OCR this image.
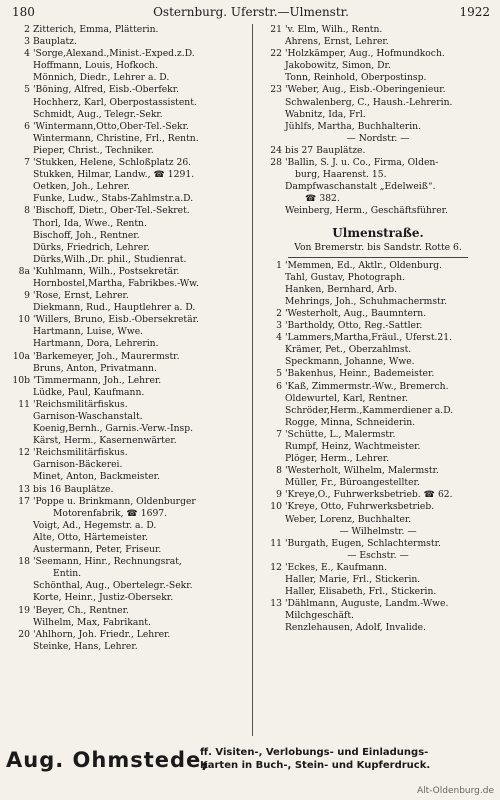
180	Osternburg. Uferstr.—Ulmenstr.	1922
2 Zitterich, Emma, Plätterin.
3 Bauplatz.
4 'Sorge,Alexand.,Minist.-Exped.z.D.
Hoffmann, Louis, Hofkoch.
Mönnich, Diedr., Lehrer a. D.
5 'Böning, Alfred, Eisb.-Oberfekr.
Hochherz, Karl, Oberpostassistent.
Schmidt, Aug., Telegr.-Sekr.
6 'Wintermann,Otto,Ober-Tel.-Sekr.
Wintermann, Christine, Frl., Rentn.
Pieper, Christ., Techniker.
7 'Stukken, Helene, Schloßplatz 26.
Stukken, Hilmar, Landw., ☎ 1291.
Oetken, Joh., Lehrer.
Funke, Ludw., Stabs-Zahlmstr.a.D.
8 'Bischoff, Dietr., Ober-Tel.-Sekret.
Thorl, Ida, Wwe., Rentn.
Bischoff, Joh., Rentner.
Dürks, Friedrich, Lehrer.
Dürks,Wilh.,Dr. phil., Studienrat.
8a 'Kuhlmann, Wilh., Postsekretär.
Hornbostel,Martha, Fabrikbes.-Ww.
9 'Rose, Ernst, Lehrer.
Diekmann, Rud., Hauptlehrer a. D.
10 'Willers, Bruno, Eisb.-Obersekretär.
Hartmann, Luise, Wwe.
Hartmann, Dora, Lehrerin.
10a 'Barkemeyer, Joh., Maurermstr.
Bruns, Anton, Privatmann.
10b 'Timmermann, Joh., Lehrer.
Lüdke, Paul, Kaufmann.
11 'Reichsmilitärfiskus.
Garnison-Waschanstalt.
Koenig,Bernh., Garnis.-Verw.-Insp.
Kärst, Herm., Kasernenwärter.
12 'Reichsmilitärfiskus.
Garnison-Bäckerei.
Minet, Anton, Backmeister.
13 bis 16 Bauplätze.
17 'Poppe u. Brinkmann, Oldenburger
Motorenfabrik, ☎ 1697.
Voigt, Ad., Hegemstr. a. D.
Alte, Otto, Härtemeister.
Austermann, Peter, Friseur.
18 'Seemann, Hinr., Rechnungsrat,
Entin.
Schönthal, Aug., Obertelegr.-Sekr.
Korte, Heinr., Justiz-Obersekr.
19 'Beyer, Ch., Rentner.
Wilhelm, Max, Fabrikant.
20 'Ahlhorn, Joh. Friedr., Lehrer.
Steinke, Hans, Lehrer.
21 'v. Elm, Wilh., Rentn.
Ahrens, Ernst, Lehrer.
22 'Holzkämper, Aug., Hofmundkoch.
Jakobowitz, Simon, Dr.
Tonn, Reinhold, Oberpostinsp.
23 'Weber, Aug., Eisb.-Oberingenieur.
Schwalenberg, C., Haush.-Lehrerin.
Wabnitz, Ida, Frl.
Jühlfs, Martha, Buchhalterin.
— Nordstr. —
24 bis 27 Bauplätze.
28 'Ballin, S. J. u. Co., Firma, Olden-
burg, Haarenst. 15.
Dampfwaschanstalt „Edelweiß“.
☎ 382.
Weinberg, Herm., Geschäftsführer.
Ulmenstraße.
Von Bremerstr. bis Sandstr. Rotte 6.
1 'Memmen, Ed., Aktlr., Oldenburg.
Tahl, Gustav, Photograph.
Hanken, Bernhard, Arb.
Mehrings, Joh., Schuhmachermstr.
2 'Westerholt, Aug., Baumntern.
3 'Bartholdy, Otto, Reg.-Sattler.
4 'Lammers,Martha,Fräul., Uferst.21.
Krämer, Pet., Oberzahlmst.
Speckmann, Johanne, Wwe.
5 'Bakenhus, Heinr., Bademeister.
6 'Kaß, Zimmermstr.-Ww., Bremerch.
Oldewurtel, Karl, Rentner.
Schröder,Herm.,Kammerdiener a.D.
Rogge, Minna, Schneiderin.
7 'Schütte, L., Malermstr.
Rumpf, Heinz, Wachtmeister.
Plöger, Herm., Lehrer.
8 'Westerholt, Wilhelm, Malermstr.
Müller, Fr., Büroangestellter.
9 'Kreye,O., Fuhrwerksbetrieb. ☎ 62.
10 'Kreye, Otto, Fuhrwerksbetrieb.
Weber, Lorenz, Buchhalter.
— Wilhelmstr. —
11 'Burgath, Eugen, Schlachtermstr.
— Eschstr. —
12 'Eckes, E., Kaufmann.
Haller, Marie, Frl., Stickerin.
Haller, Elisabeth, Frl., Stickerin.
13 'Dählmann, Auguste, Landm.-Wwe.
Milchgeschäft.
Renzlehausen, Adolf, Invalide.
Aug. Ohmstede,
ff. Visiten-, Verlobungs- und Einladungs-
Karten in Buch-, Stein- und Kupferdruck.
Alt-Oldenburg.de
